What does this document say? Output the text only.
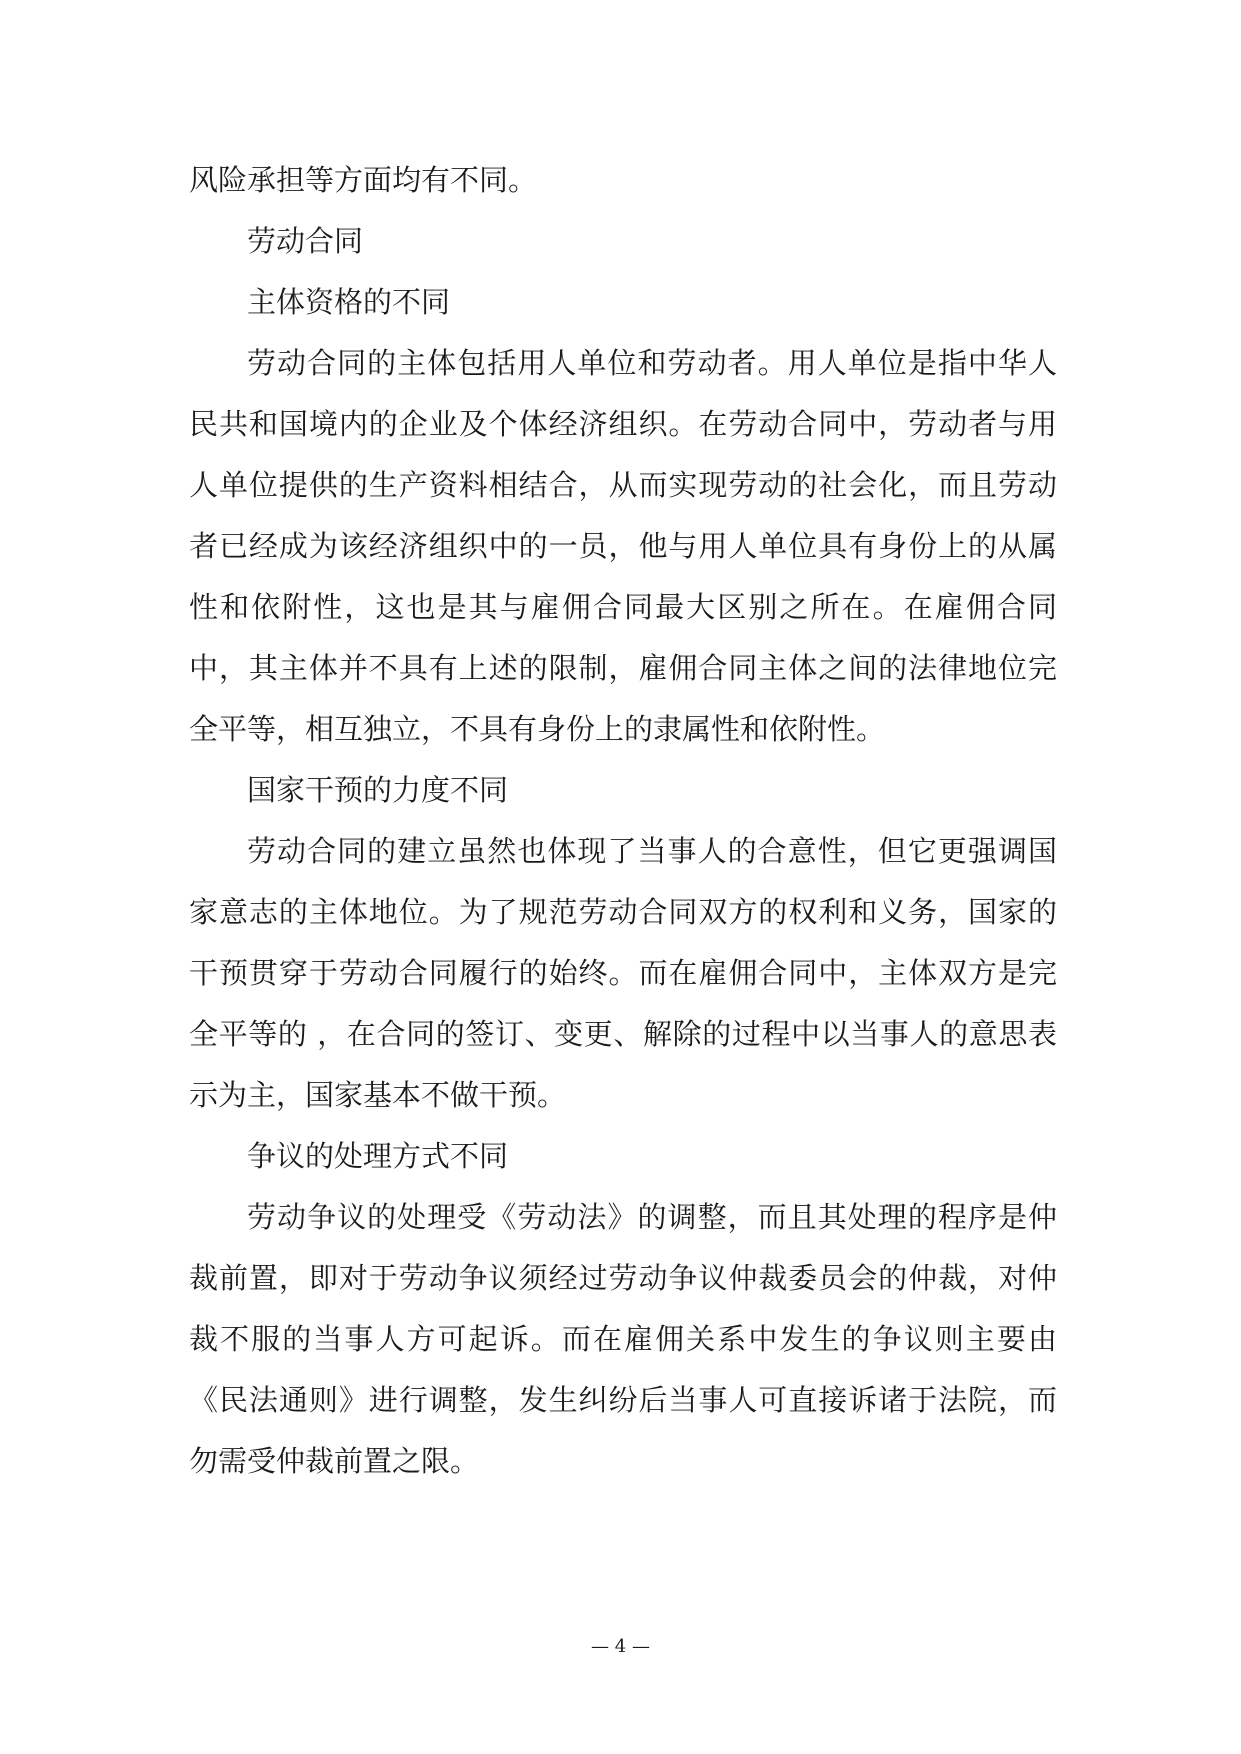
风险承担等方面均有不同。

劳动合同

主体资格的不同

劳动合同的主体包括用人单位和劳动者。用人单位是指中华人民共和国境内的企业及个体经济组织。在劳动合同中，劳动者与用人单位提供的生产资料相结合，从而实现劳动的社会化，而且劳动者已经成为该经济组织中的一员，他与用人单位具有身份上的从属性和依附性，这也是其与雇佣合同最大区别之所在。在雇佣合同中，其主体并不具有上述的限制，雇佣合同主体之间的法律地位完全平等，相互独立，不具有身份上的隶属性和依附性。

国家干预的力度不同

劳动合同的建立虽然也体现了当事人的合意性，但它更强调国家意志的主体地位。为了规范劳动合同双方的权利和义务，国家的干预贯穿于劳动合同履行的始终。而在雇佣合同中，主体双方是完全平等的 ，在合同的签订、变更、解除的过程中以当事人的意思表示为主，国家基本不做干预。

争议的处理方式不同

劳动争议的处理受《劳动法》的调整，而且其处理的程序是仲裁前置，即对于劳动争议须经过劳动争议仲裁委员会的仲裁，对仲裁不服的当事人方可起诉。而在雇佣关系中发生的争议则主要由《民法通则》进行调整，发生纠纷后当事人可直接诉诸于法院，而勿需受仲裁前置之限。

— 4 —
